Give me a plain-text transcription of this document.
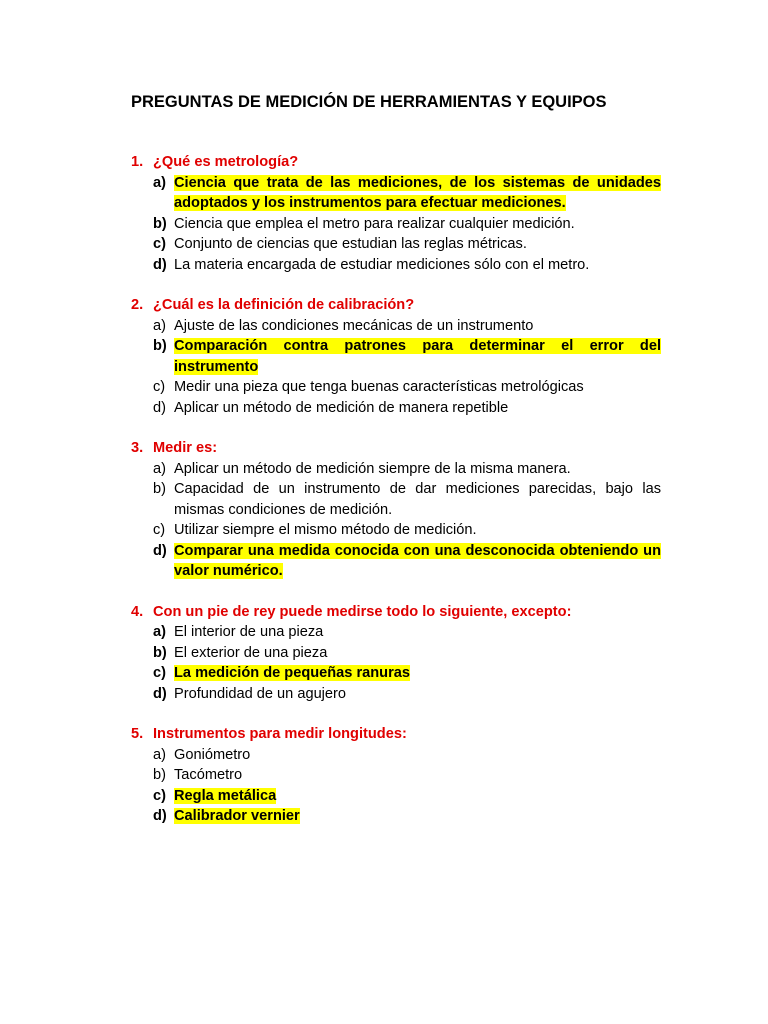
PREGUNTAS DE MEDICIÓN DE HERRAMIENTAS Y EQUIPOS
1. ¿Qué es metrología?
a) Ciencia que trata de las mediciones, de los sistemas de unidades adoptados y los instrumentos para efectuar mediciones.
b) Ciencia que emplea el metro para realizar cualquier medición.
c) Conjunto de ciencias que estudian las reglas métricas.
d) La materia encargada de estudiar mediciones sólo con el metro.
2. ¿Cuál es la definición de calibración?
a) Ajuste de las condiciones mecánicas de un instrumento
b) Comparación contra patrones para determinar el error del instrumento
c) Medir una pieza que tenga buenas características metrológicas
d) Aplicar un método de medición de manera repetible
3. Medir es:
a) Aplicar un método de medición siempre de la misma manera.
b) Capacidad de un instrumento de dar mediciones parecidas, bajo las mismas condiciones de medición.
c) Utilizar siempre el mismo método de medición.
d) Comparar una medida conocida con una desconocida obteniendo un valor numérico.
4. Con un pie de rey puede medirse todo lo siguiente, excepto:
a) El interior de una pieza
b) El exterior de una pieza
c) La medición de pequeñas ranuras
d) Profundidad de un agujero
5. Instrumentos para medir longitudes:
a) Goniómetro
b) Tacómetro
c) Regla metálica
d) Calibrador vernier
